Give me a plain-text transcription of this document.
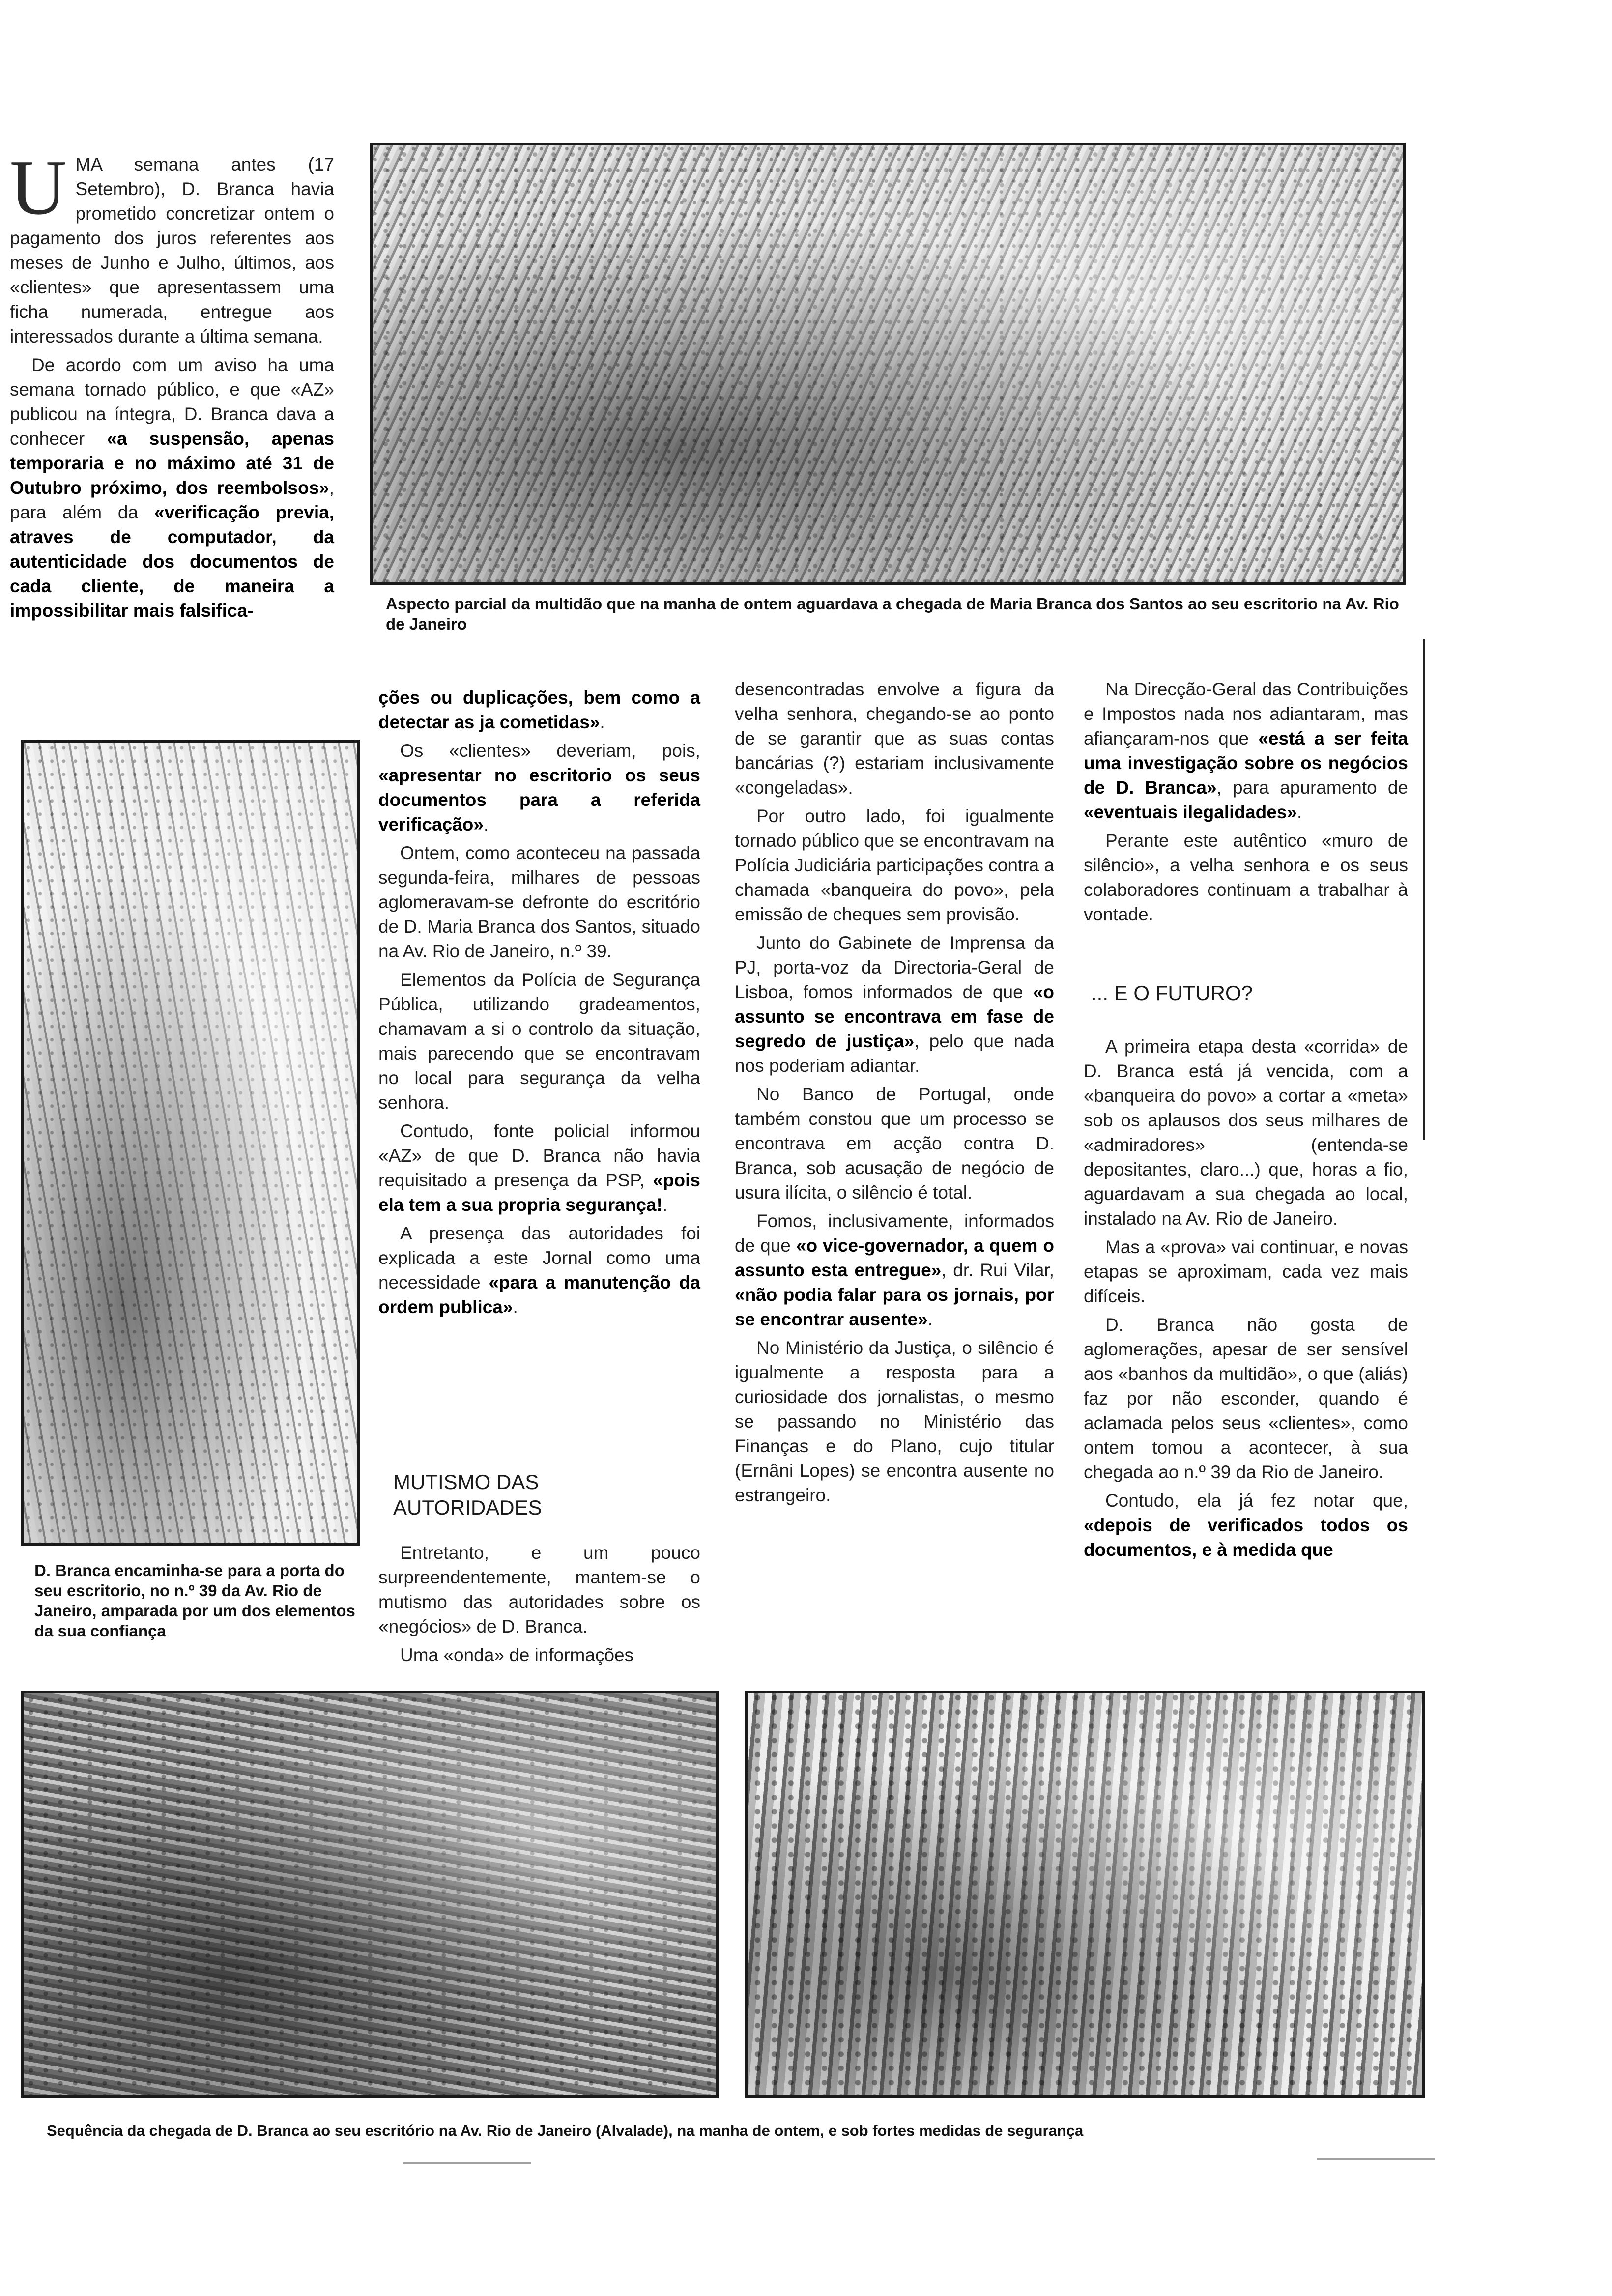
U MA semana antes (17 Setembro), D. Branca havia prometido concretizar ontem o pagamento dos juros referentes aos meses de Junho e Julho, últimos, aos «clientes» que apresentassem uma ficha numerada, entregue aos interessados durante a última semana.

De acordo com um aviso ha uma semana tornado público, e que «AZ» publicou na íntegra, D. Branca dava a conhecer «a suspensão, apenas temporaria e no máximo até 31 de Outubro próximo, dos reembolsos», para além da «verificação previa, atraves de computador, da autenticidade dos documentos de cada cliente, de maneira a impossibilitar mais falsifica-	Aspecto parcial da multidão que na manha de ontem aguardava a chegada de Maria Branca dos Santos ao seu escritorio na Av. Rio de Janeiro
D. Branca encaminha-se para a porta do seu escritorio, no n.º 39 da Av. Rio de Janeiro, amparada por um dos elementos da sua confiança

ções ou duplicações, bem como a detectar as ja cometidas».

Os «clientes» deveriam, pois, «apresentar no escritorio os seus documentos para a referida verificação».

Ontem, como aconteceu na passada segunda-feira, milhares de pessoas aglomeravam-se defronte do escritório de D. Maria Branca dos Santos, situado na Av. Rio de Janeiro, n.º 39.

Elementos da Polícia de Segurança Pública, utilizando gradeamentos, chamavam a si o controlo da situação, mais parecendo que se encontravam no local para segurança da velha senhora.

Contudo, fonte policial informou «AZ» de que D. Branca não havia requisitado a presença da PSP, «pois ela tem a sua propria segurança!.

A presença das autoridades foi explicada a este Jornal como uma necessidade «para a manutenção da ordem publica».

MUTISMO DAS AUTORIDADES

Entretanto, e um pouco surpreendentemente, mantem-se o mutismo das autoridades sobre os «negócios» de D. Branca.

Uma «onda» de informações

desencontradas envolve a figura da velha senhora, chegando-se ao ponto de se garantir que as suas contas bancárias (?) estariam inclusivamente «congeladas».

Por outro lado, foi igualmente tornado público que se encontravam na Polícia Judiciária participações contra a chamada «banqueira do povo», pela emissão de cheques sem provisão.

Junto do Gabinete de Imprensa da PJ, porta-voz da Directoria-Geral de Lisboa, fomos informados de que «o assunto se encontrava em fase de segredo de justiça», pelo que nada nos poderiam adiantar.

No Banco de Portugal, onde também constou que um processo se encontrava em acção contra D. Branca, sob acusação de negócio de usura ilícita, o silêncio é total.

Fomos, inclusivamente, informados de que «o vice-governador, a quem o assunto esta entregue», dr. Rui Vilar, «não podia falar para os jornais, por se encontrar ausente».

No Ministério da Justiça, o silêncio é igualmente a resposta para a curiosidade dos jornalistas, o mesmo se passando no Ministério das Finanças e do Plano, cujo titular (Ernâni Lopes) se encontra ausente no estrangeiro.

Na Direcção-Geral das Contribuições e Impostos nada nos adiantaram, mas afiançaram-nos que «está a ser feita uma investigação sobre os negócios de D. Branca», para apuramento de «eventuais ilegalidades».

Perante este autêntico «muro de silêncio», a velha senhora e os seus colaboradores continuam a trabalhar à vontade.

... E O FUTURO?

A primeira etapa desta «corrida» de D. Branca está já vencida, com a «banqueira do povo» a cortar a «meta» sob os aplausos dos seus milhares de «admiradores» (entenda-se depositantes, claro...) que, horas a fio, aguardavam a sua chegada ao local, instalado na Av. Rio de Janeiro.

Mas a «prova» vai continuar, e novas etapas se aproximam, cada vez mais difíceis.

D. Branca não gosta de aglomerações, apesar de ser sensível aos «banhos da multidão», o que (aliás) faz por não esconder, quando é aclamada pelos seus «clientes», como ontem tomou a acontecer, à sua chegada ao n.º 39 da Rio de Janeiro.

Contudo, ela já fez notar que, «depois de verificados todos os documentos, e à medida que

Sequência da chegada de D. Branca ao seu escritório na Av. Rio de Janeiro (Alvalade), na manha de ontem, e sob fortes medidas de segurança
